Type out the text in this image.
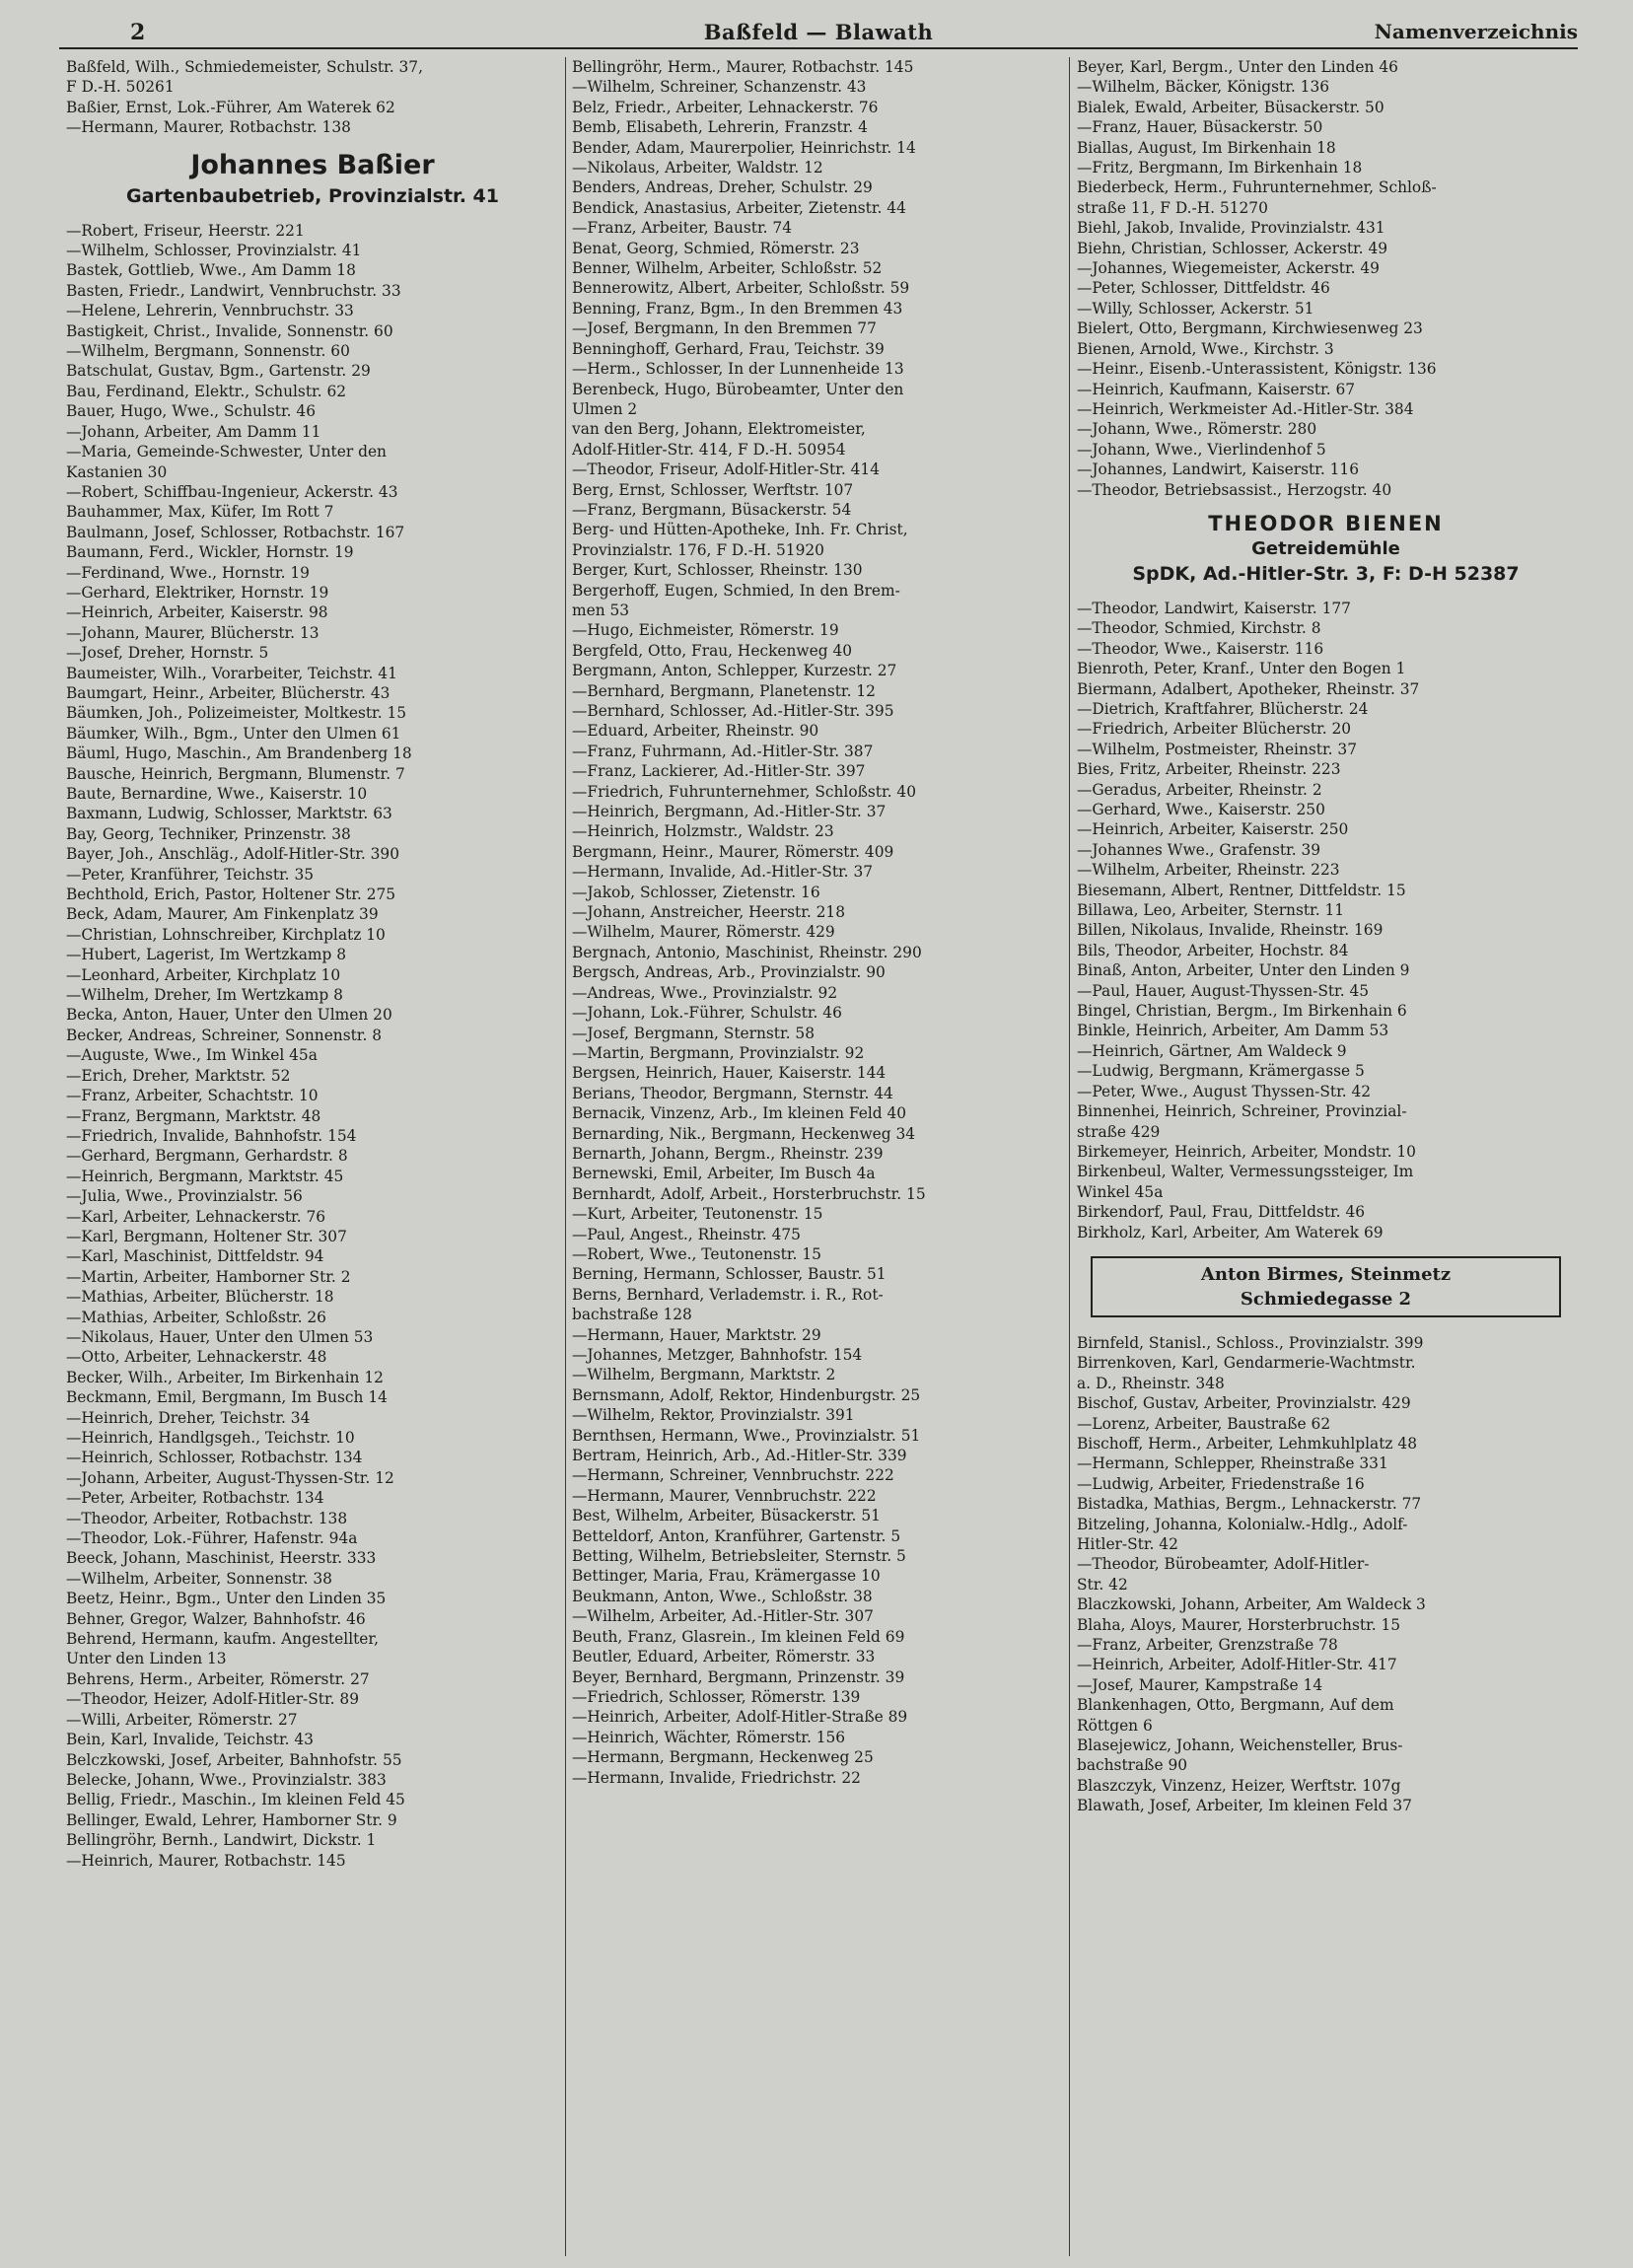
2	Baßfeld — Blawath	Namenverzeichnis
Baßfeld, Wilh., Schmiedemeister, Schulstr. 37,
F D.-H. 50261
Baßier, Ernst, Lok.-Führer, Am Waterek 62
—Hermann, Maurer, Rotbachstr. 138
Johannes Baßier
Gartenbaubetrieb, Provinzialstr. 41
—Robert, Friseur, Heerstr. 221
—Wilhelm, Schlosser, Provinzialstr. 41
Bastek, Gottlieb, Wwe., Am Damm 18
Basten, Friedr., Landwirt, Vennbruchstr. 33
—Helene, Lehrerin, Vennbruchstr. 33
Bastigkeit, Christ., Invalide, Sonnenstr. 60
—Wilhelm, Bergmann, Sonnenstr. 60
Batschulat, Gustav, Bgm., Gartenstr. 29
Bau, Ferdinand, Elektr., Schulstr. 62
Bauer, Hugo, Wwe., Schulstr. 46
—Johann, Arbeiter, Am Damm 11
—Maria, Gemeinde-Schwester, Unter den
Kastanien 30
—Robert, Schiffbau-Ingenieur, Ackerstr. 43
Bauhammer, Max, Küfer, Im Rott 7
Baulmann, Josef, Schlosser, Rotbachstr. 167
Baumann, Ferd., Wickler, Hornstr. 19
—Ferdinand, Wwe., Hornstr. 19
—Gerhard, Elektriker, Hornstr. 19
—Heinrich, Arbeiter, Kaiserstr. 98
—Johann, Maurer, Blücherstr. 13
—Josef, Dreher, Hornstr. 5
Baumeister, Wilh., Vorarbeiter, Teichstr. 41
Baumgart, Heinr., Arbeiter, Blücherstr. 43
Bäumken, Joh., Polizeimeister, Moltkestr. 15
Bäumker, Wilh., Bgm., Unter den Ulmen 61
Bäuml, Hugo, Maschin., Am Brandenberg 18
Bausche, Heinrich, Bergmann, Blumenstr. 7
Baute, Bernardine, Wwe., Kaiserstr. 10
Baxmann, Ludwig, Schlosser, Marktstr. 63
Bay, Georg, Techniker, Prinzenstr. 38
Bayer, Joh., Anschläg., Adolf-Hitler-Str. 390
—Peter, Kranführer, Teichstr. 35
Bechthold, Erich, Pastor, Holtener Str. 275
Beck, Adam, Maurer, Am Finkenplatz 39
—Christian, Lohnschreiber, Kirchplatz 10
—Hubert, Lagerist, Im Wertzkamp 8
—Leonhard, Arbeiter, Kirchplatz 10
—Wilhelm, Dreher, Im Wertzkamp 8
Becka, Anton, Hauer, Unter den Ulmen 20
Becker, Andreas, Schreiner, Sonnenstr. 8
—Auguste, Wwe., Im Winkel 45a
—Erich, Dreher, Marktstr. 52
—Franz, Arbeiter, Schachtstr. 10
—Franz, Bergmann, Marktstr. 48
—Friedrich, Invalide, Bahnhofstr. 154
—Gerhard, Bergmann, Gerhardstr. 8
—Heinrich, Bergmann, Marktstr. 45
—Julia, Wwe., Provinzialstr. 56
—Karl, Arbeiter, Lehnackerstr. 76
—Karl, Bergmann, Holtener Str. 307
—Karl, Maschinist, Dittfeldstr. 94
—Martin, Arbeiter, Hamborner Str. 2
—Mathias, Arbeiter, Blücherstr. 18
—Mathias, Arbeiter, Schloßstr. 26
—Nikolaus, Hauer, Unter den Ulmen 53
—Otto, Arbeiter, Lehnackerstr. 48
Becker, Wilh., Arbeiter, Im Birkenhain 12
Beckmann, Emil, Bergmann, Im Busch 14
—Heinrich, Dreher, Teichstr. 34
—Heinrich, Handlgsgeh., Teichstr. 10
—Heinrich, Schlosser, Rotbachstr. 134
—Johann, Arbeiter, August-Thyssen-Str. 12
—Peter, Arbeiter, Rotbachstr. 134
—Theodor, Arbeiter, Rotbachstr. 138
—Theodor, Lok.-Führer, Hafenstr. 94a
Beeck, Johann, Maschinist, Heerstr. 333
—Wilhelm, Arbeiter, Sonnenstr. 38
Beetz, Heinr., Bgm., Unter den Linden 35
Behner, Gregor, Walzer, Bahnhofstr. 46
Behrend, Hermann, kaufm. Angestellter,
Unter den Linden 13
Behrens, Herm., Arbeiter, Römerstr. 27
—Theodor, Heizer, Adolf-Hitler-Str. 89
—Willi, Arbeiter, Römerstr. 27
Bein, Karl, Invalide, Teichstr. 43
Belczkowski, Josef, Arbeiter, Bahnhofstr. 55
Belecke, Johann, Wwe., Provinzialstr. 383
Bellig, Friedr., Maschin., Im kleinen Feld 45
Bellinger, Ewald, Lehrer, Hamborner Str. 9
Bellingröhr, Bernh., Landwirt, Dickstr. 1
—Heinrich, Maurer, Rotbachstr. 145
Bellingröhr, Herm., Maurer, Rotbachstr. 145
—Wilhelm, Schreiner, Schanzenstr. 43
Belz, Friedr., Arbeiter, Lehnackerstr. 76
Bemb, Elisabeth, Lehrerin, Franzstr. 4
Bender, Adam, Maurerpolier, Heinrichstr. 14
—Nikolaus, Arbeiter, Waldstr. 12
Benders, Andreas, Dreher, Schulstr. 29
Bendick, Anastasius, Arbeiter, Zietenstr. 44
—Franz, Arbeiter, Baustr. 74
Benat, Georg, Schmied, Römerstr. 23
Benner, Wilhelm, Arbeiter, Schloßstr. 52
Bennerowitz, Albert, Arbeiter, Schloßstr. 59
Benning, Franz, Bgm., In den Bremmen 43
—Josef, Bergmann, In den Bremmen 77
Benninghoff, Gerhard, Frau, Teichstr. 39
—Herm., Schlosser, In der Lunnenheide 13
Berenbeck, Hugo, Bürobeamter, Unter den
Ulmen 2
van den Berg, Johann, Elektromeister,
Adolf-Hitler-Str. 414, F D.-H. 50954
—Theodor, Friseur, Adolf-Hitler-Str. 414
Berg, Ernst, Schlosser, Werftstr. 107
—Franz, Bergmann, Büsackerstr. 54
Berg- und Hütten-Apotheke, Inh. Fr. Christ,
Provinzialstr. 176, F D.-H. 51920
Berger, Kurt, Schlosser, Rheinstr. 130
Bergerhoff, Eugen, Schmied, In den Brem-
men 53
—Hugo, Eichmeister, Römerstr. 19
Bergfeld, Otto, Frau, Heckenweg 40
Bergmann, Anton, Schlepper, Kurzestr. 27
—Bernhard, Bergmann, Planetenstr. 12
—Bernhard, Schlosser, Ad.-Hitler-Str. 395
—Eduard, Arbeiter, Rheinstr. 90
—Franz, Fuhrmann, Ad.-Hitler-Str. 387
—Franz, Lackierer, Ad.-Hitler-Str. 397
—Friedrich, Fuhrunternehmer, Schloßstr. 40
—Heinrich, Bergmann, Ad.-Hitler-Str. 37
—Heinrich, Holzmstr., Waldstr. 23
Bergmann, Heinr., Maurer, Römerstr. 409
—Hermann, Invalide, Ad.-Hitler-Str. 37
—Jakob, Schlosser, Zietenstr. 16
—Johann, Anstreicher, Heerstr. 218
—Wilhelm, Maurer, Römerstr. 429
Bergnach, Antonio, Maschinist, Rheinstr. 290
Bergsch, Andreas, Arb., Provinzialstr. 90
—Andreas, Wwe., Provinzialstr. 92
—Johann, Lok.-Führer, Schulstr. 46
—Josef, Bergmann, Sternstr. 58
—Martin, Bergmann, Provinzialstr. 92
Bergsen, Heinrich, Hauer, Kaiserstr. 144
Berians, Theodor, Bergmann, Sternstr. 44
Bernacik, Vinzenz, Arb., Im kleinen Feld 40
Bernarding, Nik., Bergmann, Heckenweg 34
Bernarth, Johann, Bergm., Rheinstr. 239
Bernewski, Emil, Arbeiter, Im Busch 4a
Bernhardt, Adolf, Arbeit., Horsterbruchstr. 15
—Kurt, Arbeiter, Teutonenstr. 15
—Paul, Angest., Rheinstr. 475
—Robert, Wwe., Teutonenstr. 15
Berning, Hermann, Schlosser, Baustr. 51
Berns, Bernhard, Verlademstr. i. R., Rot-
bachstraße 128
—Hermann, Hauer, Marktstr. 29
—Johannes, Metzger, Bahnhofstr. 154
—Wilhelm, Bergmann, Marktstr. 2
Bernsmann, Adolf, Rektor, Hindenburgstr. 25
—Wilhelm, Rektor, Provinzialstr. 391
Bernthsen, Hermann, Wwe., Provinzialstr. 51
Bertram, Heinrich, Arb., Ad.-Hitler-Str. 339
—Hermann, Schreiner, Vennbruchstr. 222
—Hermann, Maurer, Vennbruchstr. 222
Best, Wilhelm, Arbeiter, Büsackerstr. 51
Betteldorf, Anton, Kranführer, Gartenstr. 5
Betting, Wilhelm, Betriebsleiter, Sternstr. 5
Bettinger, Maria, Frau, Krämergasse 10
Beukmann, Anton, Wwe., Schloßstr. 38
—Wilhelm, Arbeiter, Ad.-Hitler-Str. 307
Beuth, Franz, Glasrein., Im kleinen Feld 69
Beutler, Eduard, Arbeiter, Römerstr. 33
Beyer, Bernhard, Bergmann, Prinzenstr. 39
—Friedrich, Schlosser, Römerstr. 139
—Heinrich, Arbeiter, Adolf-Hitler-Straße 89
—Heinrich, Wächter, Römerstr. 156
—Hermann, Bergmann, Heckenweg 25
—Hermann, Invalide, Friedrichstr. 22
Beyer, Karl, Bergm., Unter den Linden 46
—Wilhelm, Bäcker, Königstr. 136
Bialek, Ewald, Arbeiter, Büsackerstr. 50
—Franz, Hauer, Büsackerstr. 50
Biallas, August, Im Birkenhain 18
—Fritz, Bergmann, Im Birkenhain 18
Biederbeck, Herm., Fuhrunternehmer, Schloß-
straße 11, F D.-H. 51270
Biehl, Jakob, Invalide, Provinzialstr. 431
Biehn, Christian, Schlosser, Ackerstr. 49
—Johannes, Wiegemeister, Ackerstr. 49
—Peter, Schlosser, Dittfeldstr. 46
—Willy, Schlosser, Ackerstr. 51
Bielert, Otto, Bergmann, Kirchwiesenweg 23
Bienen, Arnold, Wwe., Kirchstr. 3
—Heinr., Eisenb.-Unterassistent, Königstr. 136
—Heinrich, Kaufmann, Kaiserstr. 67
—Heinrich, Werkmeister Ad.-Hitler-Str. 384
—Johann, Wwe., Römerstr. 280
—Johann, Wwe., Vierlindenhof 5
—Johannes, Landwirt, Kaiserstr. 116
—Theodor, Betriebsassist., Herzogstr. 40
THEODOR BIENEN
Getreidemühle
SpDK, Ad.-Hitler-Str. 3, F: D-H 52387
—Theodor, Landwirt, Kaiserstr. 177
—Theodor, Schmied, Kirchstr. 8
—Theodor, Wwe., Kaiserstr. 116
Bienroth, Peter, Kranf., Unter den Bogen 1
Biermann, Adalbert, Apotheker, Rheinstr. 37
—Dietrich, Kraftfahrer, Blücherstr. 24
—Friedrich, Arbeiter Blücherstr. 20
—Wilhelm, Postmeister, Rheinstr. 37
Bies, Fritz, Arbeiter, Rheinstr. 223
—Geradus, Arbeiter, Rheinstr. 2
—Gerhard, Wwe., Kaiserstr. 250
—Heinrich, Arbeiter, Kaiserstr. 250
—Johannes Wwe., Grafenstr. 39
—Wilhelm, Arbeiter, Rheinstr. 223
Biesemann, Albert, Rentner, Dittfeldstr. 15
Billawa, Leo, Arbeiter, Sternstr. 11
Billen, Nikolaus, Invalide, Rheinstr. 169
Bils, Theodor, Arbeiter, Hochstr. 84
Binaß, Anton, Arbeiter, Unter den Linden 9
—Paul, Hauer, August-Thyssen-Str. 45
Bingel, Christian, Bergm., Im Birkenhain 6
Binkle, Heinrich, Arbeiter, Am Damm 53
—Heinrich, Gärtner, Am Waldeck 9
—Ludwig, Bergmann, Krämergasse 5
—Peter, Wwe., August Thyssen-Str. 42
Binnenhei, Heinrich, Schreiner, Provinzial-
straße 429
Birkemeyer, Heinrich, Arbeiter, Mondstr. 10
Birkenbeul, Walter, Vermessungssteiger, Im
Winkel 45a
Birkendorf, Paul, Frau, Dittfeldstr. 46
Birkholz, Karl, Arbeiter, Am Waterek 69
Anton Birmes, Steinmetz
Schmiedegasse 2
Birnfeld, Stanisl., Schloss., Provinzialstr. 399
Birrenkoven, Karl, Gendarmerie-Wachtmstr.
a. D., Rheinstr. 348
Bischof, Gustav, Arbeiter, Provinzialstr. 429
—Lorenz, Arbeiter, Baustraße 62
Bischoff, Herm., Arbeiter, Lehmkuhlplatz 48
—Hermann, Schlepper, Rheinstraße 331
—Ludwig, Arbeiter, Friedenstraße 16
Bistadka, Mathias, Bergm., Lehnackerstr. 77
Bitzeling, Johanna, Kolonialw.-Hdlg., Adolf-
Hitler-Str. 42
—Theodor, Bürobeamter, Adolf-Hitler-
Str. 42
Blaczkowski, Johann, Arbeiter, Am Waldeck 3
Blaha, Aloys, Maurer, Horsterbruchstr. 15
—Franz, Arbeiter, Grenzstraße 78
—Heinrich, Arbeiter, Adolf-Hitler-Str. 417
—Josef, Maurer, Kampstraße 14
Blankenhagen, Otto, Bergmann, Auf dem
Röttgen 6
Blasejewicz, Johann, Weichensteller, Brus-
bachstraße 90
Blaszczyk, Vinzenz, Heizer, Werftstr. 107g
Blawath, Josef, Arbeiter, Im kleinen Feld 37
